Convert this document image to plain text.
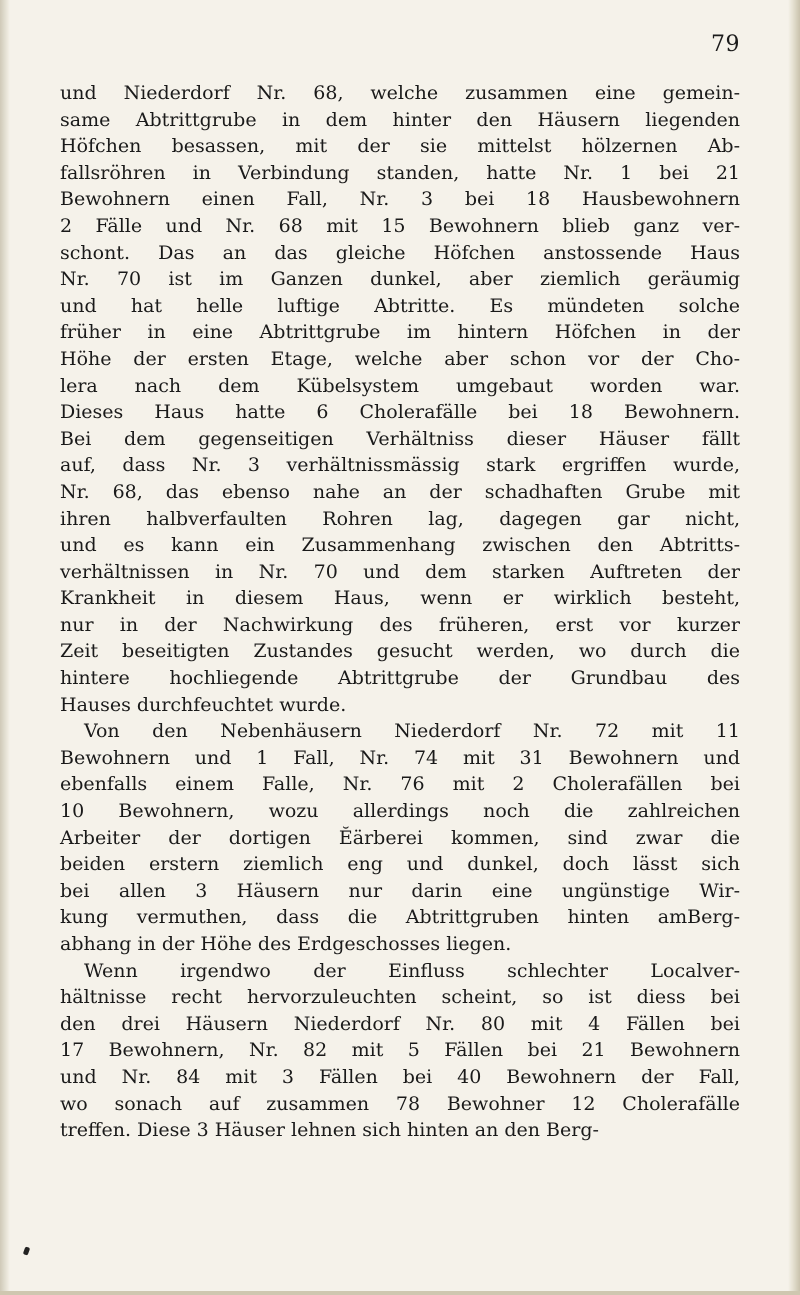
79
und Niederdorf Nr. 68, welche zusammen eine gemein-
same Abtrittgrube in dem hinter den Häusern liegenden
Höfchen besassen, mit der sie mittelst hölzernen Ab-
fallsröhren in Verbindung standen, hatte Nr. 1 bei 21
Bewohnern einen Fall, Nr. 3 bei 18 Hausbewohnern
2 Fälle und Nr. 68 mit 15 Bewohnern blieb ganz ver-
schont. Das an das gleiche Höfchen anstossende Haus
Nr. 70 ist im Ganzen dunkel, aber ziemlich geräumig
und hat helle luftige Abtritte. Es mündeten solche
früher in eine Abtrittgrube im hintern Höfchen in der
Höhe der ersten Etage, welche aber schon vor der Cho-
lera nach dem Kübelsystem umgebaut worden war.
Dieses Haus hatte 6 Cholerafälle bei 18 Bewohnern.
Bei dem gegenseitigen Verhältniss dieser Häuser fällt
auf, dass Nr. 3 verhältnissmässig stark ergriffen wurde,
Nr. 68, das ebenso nahe an der schadhaften Grube mit
ihren halbverfaulten Rohren lag, dagegen gar nicht,
und es kann ein Zusammenhang zwischen den Abtritts-
verhältnissen in Nr. 70 und dem starken Auftreten der
Krankheit in diesem Haus, wenn er wirklich besteht,
nur in der Nachwirkung des früheren, erst vor kurzer
Zeit beseitigten Zustandes gesucht werden, wo durch die
hintere hochliegende Abtrittgrube der Grundbau des
Hauses durchfeuchtet wurde.
Von den Nebenhäusern Niederdorf Nr. 72 mit 11
Bewohnern und 1 Fall, Nr. 74 mit 31 Bewohnern und
ebenfalls einem Falle, Nr. 76 mit 2 Cholerafällen bei
10 Bewohnern, wozu allerdings noch die zahlreichen
Arbeiter der dortigen Ĕärberei kommen, sind zwar die
beiden erstern ziemlich eng und dunkel, doch lässt sich
bei allen 3 Häusern nur darin eine ungünstige Wir-
kung vermuthen, dass die Abtrittgruben hinten amBerg-
abhang in der Höhe des Erdgeschosses liegen.
Wenn irgendwo der Einfluss schlechter Localver-
hältnisse recht hervorzuleuchten scheint, so ist diess bei
den drei Häusern Niederdorf Nr. 80 mit 4 Fällen bei
17 Bewohnern, Nr. 82 mit 5 Fällen bei 21 Bewohnern
und Nr. 84 mit 3 Fällen bei 40 Bewohnern der Fall,
wo sonach auf zusammen 78 Bewohner 12 Cholerafälle
treffen. Diese 3 Häuser lehnen sich hinten an den Berg-
